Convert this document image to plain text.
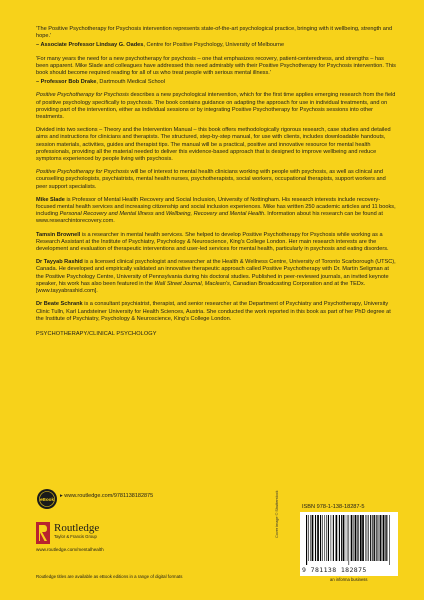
'The Positive Psychotherapy for Psychosis intervention represents state-of-the-art psychological practice, bringing with it wellbeing, strength and hope.'
– Associate Professor Lindsay G. Oades, Centre for Positive Psychology, University of Melbourne
'For many years the need for a new psychotherapy for psychosis – one that emphasizes recovery, patient-centeredness, and strengths – has been apparent. Mike Slade and colleagues have addressed this need admirably with their Positive Psychotherapy for Psychosis intervention. This book should become required reading for all of us who treat people with serious mental illness.'
– Professor Bob Drake, Dartmouth Medical School

Positive Psychotherapy for Psychosis describes a new psychological intervention, which for the first time applies emerging research from the field of positive psychology specifically to psychosis. The book contains guidance on adapting the approach for use in individual treatments, and on providing part of the intervention, either as individual sessions or by integrating Positive Psychotherapy for Psychosis sessions into other treatments.

Divided into two sections – Theory and the Intervention Manual – this book offers methodologically rigorous research, case studies and detailed aims and instructions for clinicians and therapists. The structured, step-by-step manual, for use with clients, includes downloadable handouts, session materials, activities, guides and therapist tips. The manual will be a practical, positive and innovative resource for mental health professionals, providing all the material needed to deliver this evidence-based approach that is designed to improve wellbeing and reduce symptoms experienced by people living with psychosis.

Positive Psychotherapy for Psychosis will be of interest to mental health clinicians working with people with psychosis, as well as clinical and counselling psychologists, psychiatrists, mental health nurses, psychotherapists, social workers, occupational therapists, support workers and peer support specialists.

Mike Slade is Professor of Mental Health Recovery and Social Inclusion, University of Nottingham. His research interests include recovery-focused mental health services and increasing citizenship and social inclusion experiences. Mike has written 250 academic articles and 11 books, including Personal Recovery and Mental Illness and Wellbeing, Recovery and Mental Health. Information about his research can be found at www.researchintorecovery.com.

Tamsin Brownell is a researcher in mental health services. She helped to develop Positive Psychotherapy for Psychosis while working as a Research Assistant at the Institute of Psychiatry, Psychology & Neuroscience, King's College London. Her main research interests are the development and evaluation of therapeutic interventions and user-led services for mental health, particularly in psychosis and eating disorders.

Dr Tayyab Rashid is a licensed clinical psychologist and researcher at the Health & Wellness Centre, University of Toronto Scarborough (UTSC), Canada. He developed and empirically validated an innovative therapeutic approach called Positive Psychotherapy with Dr. Martin Seligman at the Positive Psychology Centre, University of Pennsylvania during his doctoral studies. Published in peer-reviewed journals, an invited keynote speaker, his work has also been featured in the Wall Street Journal, Maclean's, Canadian Broadcasting Corporation and at the TEDx. [www.tayyabrashid.com].

Dr Beate Schrank is a consultant psychiatrist, therapist, and senior researcher at the Department of Psychiatry and Psychotherapy, University Clinic Tulln, Karl Landsteiner University for Health Sciences, Austria. She conducted the work reported in this book as part of her PhD degree at the Institute of Psychiatry, Psychology & Neuroscience, King's College London.

PSYCHOTHERAPY/CLINICAL PSYCHOLOGY
eBook
▸ www.routledge.com/9781138182875
Routledge
Taylor & Francis Group
www.routledge.com/mentalhealth
Routledge titles are available as eBook editions in a range of digital formats
Cover image © Shutterstock	ISBN 978-1-138-18287-5
9 781138 182875
an informa business
